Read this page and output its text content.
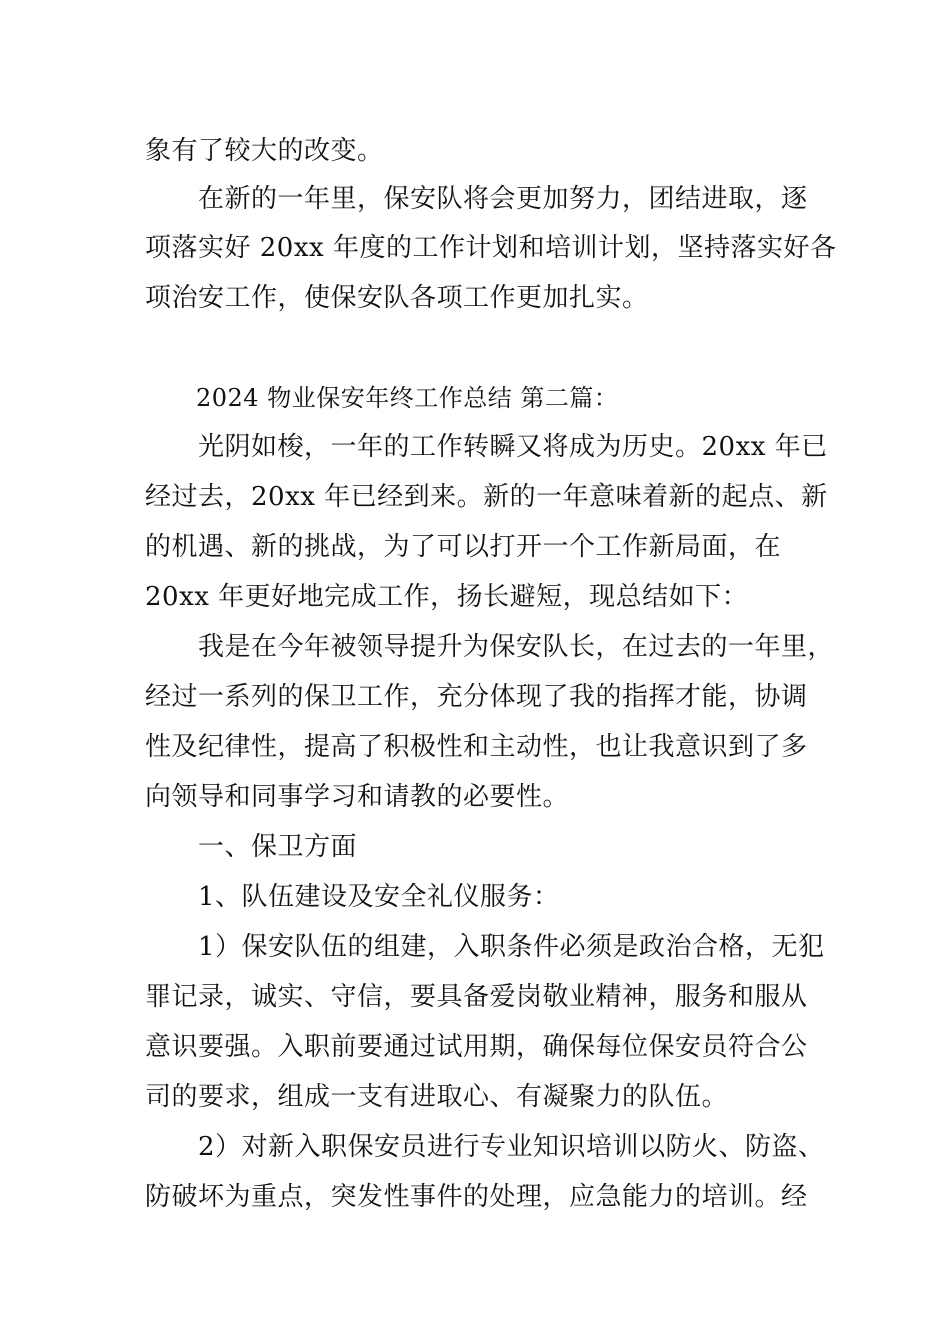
象有了较大的改变。
在新的一年里，保安队将会更加努力，团结进取，逐
项落实好 20xx 年度的工作计划和培训计划，坚持落实好各
项治安工作，使保安队各项工作更加扎实。
2024 物业保安年终工作总结 第二篇：
光阴如梭，一年的工作转瞬又将成为历史。20xx 年已
经过去，20xx 年已经到来。新的一年意味着新的起点、新
的机遇、新的挑战，为了可以打开一个工作新局面，在
20xx 年更好地完成工作，扬长避短，现总结如下：
我是在今年被领导提升为保安队长，在过去的一年里，
经过一系列的保卫工作，充分体现了我的指挥才能，协调
性及纪律性，提高了积极性和主动性，也让我意识到了多
向领导和同事学习和请教的必要性。
一、保卫方面
1、队伍建设及安全礼仪服务：
1）保安队伍的组建，入职条件必须是政治合格，无犯
罪记录，诚实、守信，要具备爱岗敬业精神，服务和服从
意识要强。入职前要通过试用期，确保每位保安员符合公
司的要求，组成一支有进取心、有凝聚力的队伍。
2）对新入职保安员进行专业知识培训以防火、防盗、
防破坏为重点，突发性事件的处理，应急能力的培训。经
